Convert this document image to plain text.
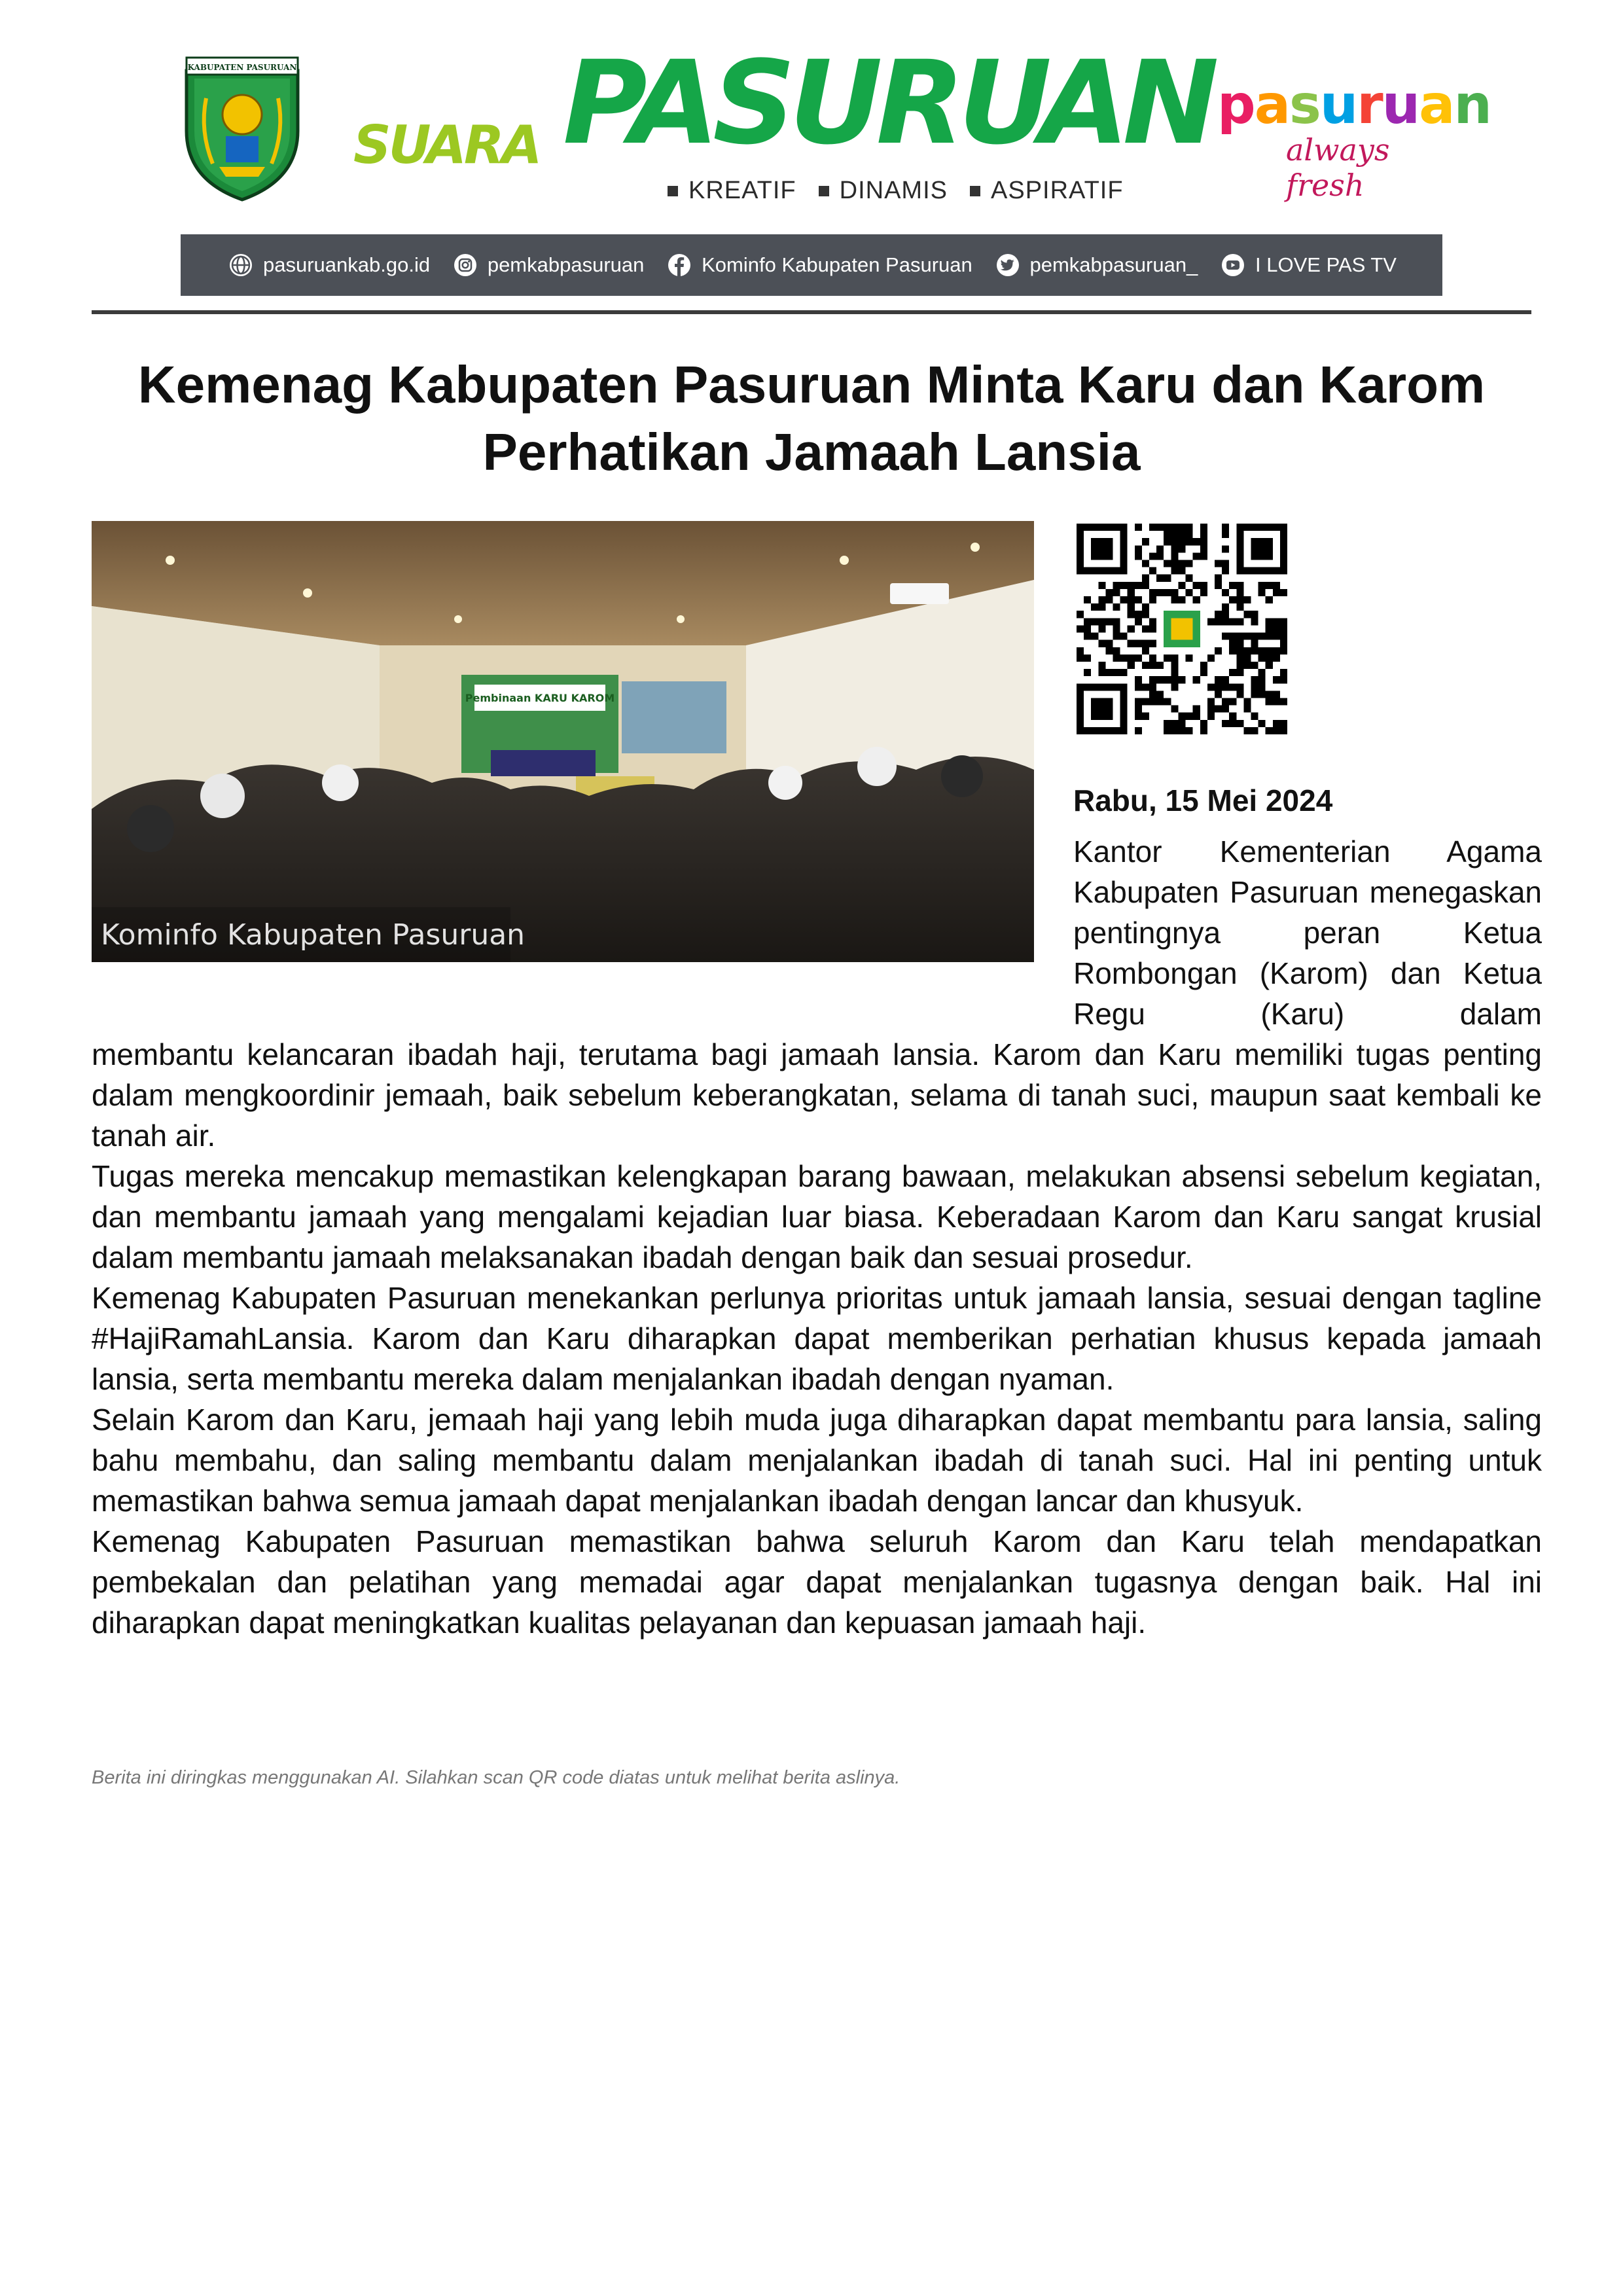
KABUPATEN PASURUAN
SUARA PASURUAN
KREATIF DINAMIS ASPIRATIF
pasuruan
always fresh
pasuruankab.go.id	pemkabpasuruan	Kominfo Kabupaten Pasuruan	pemkabpasuruan_	I LOVE PAS TV
Kemenag Kabupaten Pasuruan Minta Karu dan Karom
Perhatikan Jamaah Lansia
Pembinaan KARU KAROM
Kominfo Kabupaten Pasuruan
Rabu, 15 Mei 2024
Kantor Kementerian Agama Kabupaten Pasuruan menegaskan pentingnya peran Ketua Rombongan (Karom) dan Ketua Regu (Karu) dalam

membantu kelancaran ibadah haji, terutama bagi jamaah lansia. Karom dan Karu memiliki tugas penting dalam mengkoordinir jemaah, baik sebelum keberangkatan, selama di tanah suci, maupun saat kembali ke tanah air.

Tugas mereka mencakup memastikan kelengkapan barang bawaan, melakukan absensi sebelum kegiatan, dan membantu jamaah yang mengalami kejadian luar biasa. Keberadaan Karom dan Karu sangat krusial dalam membantu jamaah melaksanakan ibadah dengan baik dan sesuai prosedur.

Kemenag Kabupaten Pasuruan menekankan perlunya prioritas untuk jamaah lansia, sesuai dengan tagline #HajiRamahLansia. Karom dan Karu diharapkan dapat memberikan perhatian khusus kepada jamaah lansia, serta membantu mereka dalam menjalankan ibadah dengan nyaman.

Selain Karom dan Karu, jemaah haji yang lebih muda juga diharapkan dapat membantu para lansia, saling bahu membahu, dan saling membantu dalam menjalankan ibadah di tanah suci. Hal ini penting untuk memastikan bahwa semua jamaah dapat menjalankan ibadah dengan lancar dan khusyuk.

Kemenag Kabupaten Pasuruan memastikan bahwa seluruh Karom dan Karu telah mendapatkan pembekalan dan pelatihan yang memadai agar dapat menjalankan tugasnya dengan baik. Hal ini diharapkan dapat meningkatkan kualitas pelayanan dan kepuasan jamaah haji.

Berita ini diringkas menggunakan AI. Silahkan scan QR code diatas untuk melihat berita aslinya.
